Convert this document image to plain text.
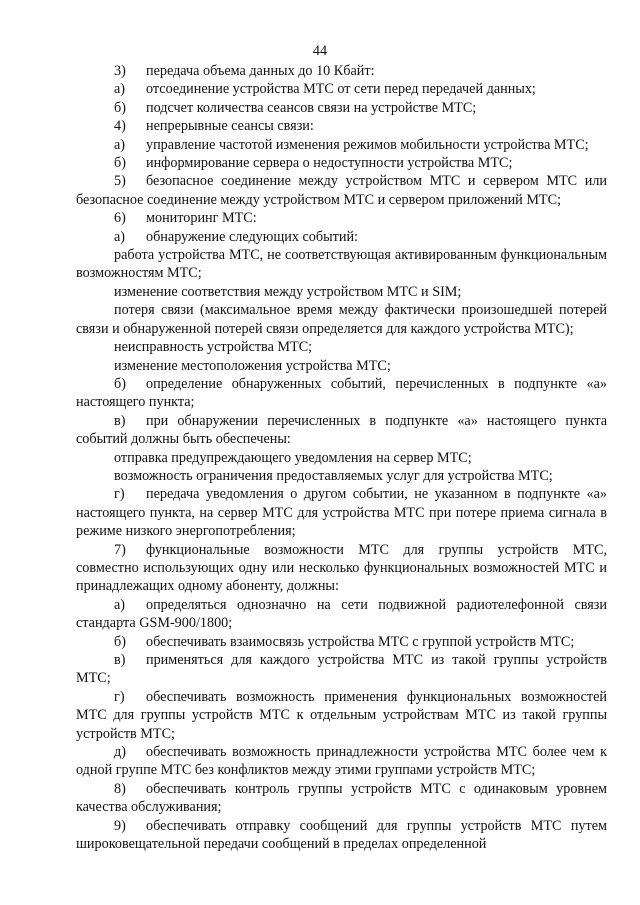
44

3) передача объема данных до 10 Кбайт:

а) отсоединение устройства МТС от сети перед передачей данных;

б) подсчет количества сеансов связи на устройстве МТС;

4) непрерывные сеансы связи:

а) управление частотой изменения режимов мобильности устройства МТС;

б) информирование сервера о недоступности устройства МТС;

5) безопасное соединение между устройством МТС и сервером МТС или безопасное соединение между устройством МТС и сервером приложений МТС;

6) мониторинг МТС:

а) обнаружение следующих событий:

работа устройства МТС, не соответствующая активированным функциональным возможностям МТС;

изменение соответствия между устройством МТС и SIM;

потеря связи (максимальное время между фактически произошедшей потерей связи и обнаруженной потерей связи определяется для каждого устройства МТС);

неисправность устройства МТС;

изменение местоположения устройства МТС;

б) определение обнаруженных событий, перечисленных в подпункте «а» настоящего пункта;

в) при обнаружении перечисленных в подпункте «а» настоящего пункта событий должны быть обеспечены:

отправка предупреждающего уведомления на сервер МТС;

возможность ограничения предоставляемых услуг для устройства МТС;

г) передача уведомления о другом событии, не указанном в подпункте «а» настоящего пункта, на сервер МТС для устройства МТС при потере приема сигнала в режиме низкого энергопотребления;

7) функциональные возможности МТС для группы устройств МТС, совместно использующих одну или несколько функциональных возможностей МТС и принадлежащих одному абоненту, должны:

а) определяться однозначно на сети подвижной радиотелефонной связи стандарта GSM-900/1800;

б) обеспечивать взаимосвязь устройства МТС с группой устройств МТС;

в) применяться для каждого устройства МТС из такой группы устройств МТС;

г) обеспечивать возможность применения функциональных возможностей МТС для группы устройств МТС к отдельным устройствам МТС из такой группы устройств МТС;

д) обеспечивать возможность принадлежности устройства МТС более чем к одной группе МТС без конфликтов между этими группами устройств МТС;

8) обеспечивать контроль группы устройств МТС с одинаковым уровнем качества обслуживания;

9) обеспечивать отправку сообщений для группы устройств МТС путем широковещательной передачи сообщений в пределах определенной
